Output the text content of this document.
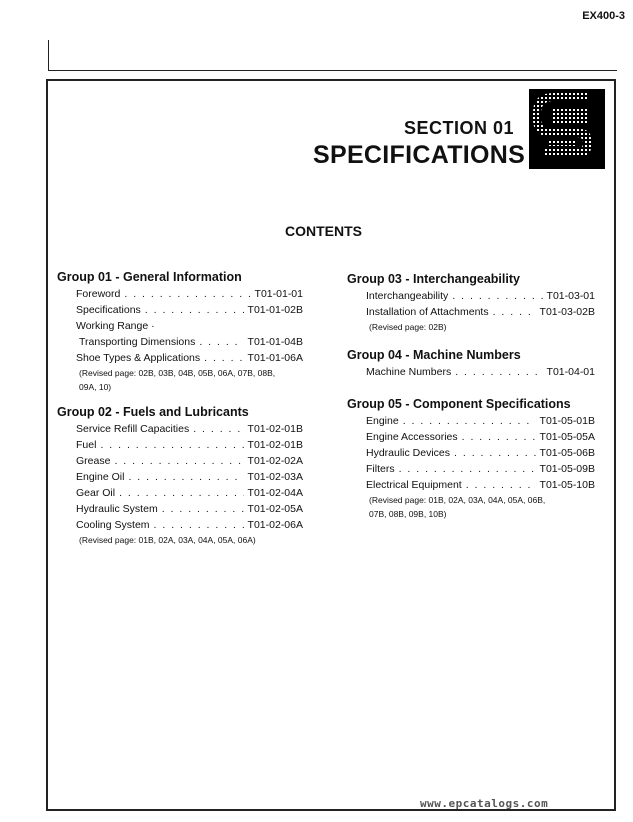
EX400-3
SECTION 01
SPECIFICATIONS
CONTENTS
Group 01 - General Information
Foreword . . .	T01-01-01
Specifications . . .	T01-01-02B
Working Range ·
Transporting Dimensions . . .	T01-01-04B
Shoe Types & Applications . . .	T01-01-06A
(Revised page: 02B, 03B, 04B, 05B, 06A, 07B, 08B,
09A, 10)
Group 02 - Fuels and Lubricants
Service Refill Capacities . . .	T01-02-01B
Fuel . . .	T01-02-01B
Grease . . .	T01-02-02A
Engine Oil . . .	T01-02-03A
Gear Oil . . .	T01-02-04A
Hydraulic System . . .	T01-02-05A
Cooling System . . .	T01-02-06A
(Revised page: 01B, 02A, 03A, 04A, 05A, 06A)
Group 03 - Interchangeability
Interchangeability . . .	T01-03-01
Installation of Attachments . . .	T01-03-02B
(Revised page: 02B)
Group 04 - Machine Numbers
Machine Numbers . . .	T01-04-01
Group 05 - Component Specifications
Engine . . .	T01-05-01B
Engine Accessories . . .	T01-05-05A
Hydraulic Devices . . .	T01-05-06B
Filters . . .	T01-05-09B
Electrical Equipment . . .	T01-05-10B
(Revised page: 01B, 02A, 03A, 04A, 05A, 06B,
07B, 08B, 09B, 10B)
www.epcatalogs.com
